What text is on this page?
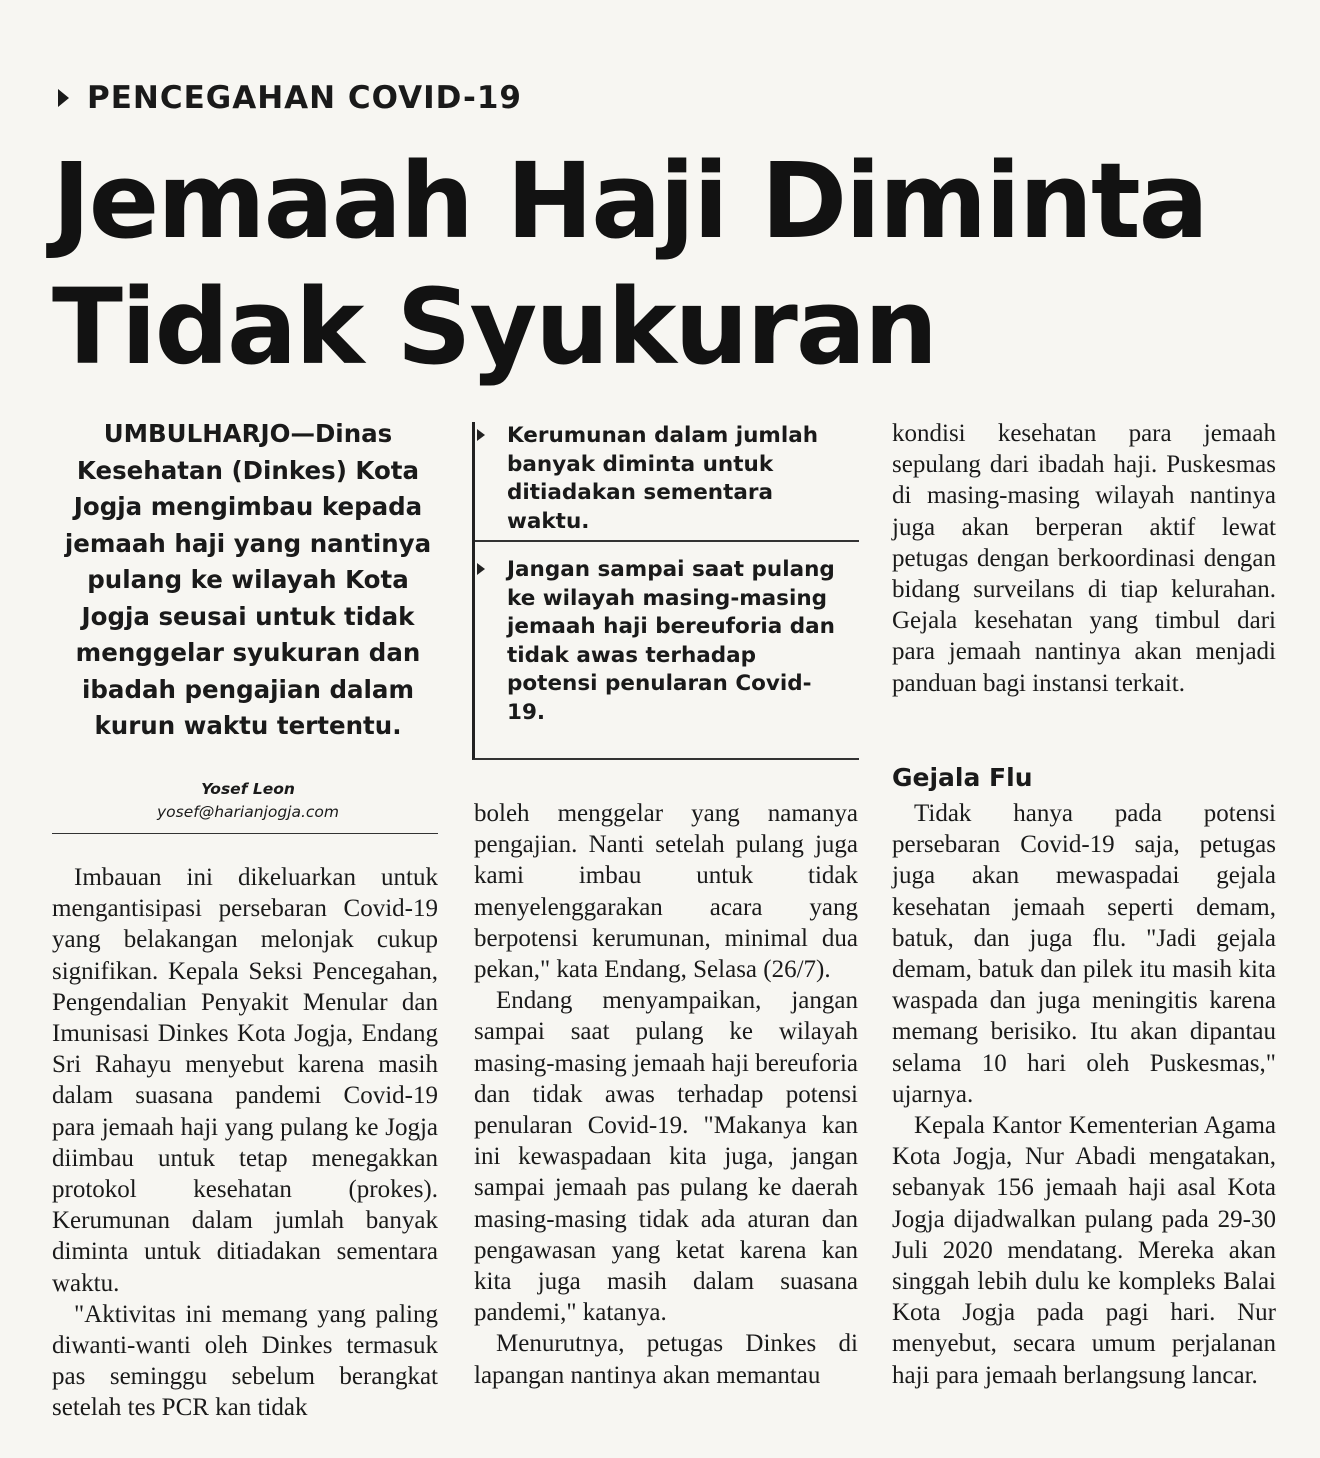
PENCEGAHAN COVID-19
Jemaah Haji Diminta
Tidak Syukuran
UMBULHARJO—Dinas
Kesehatan (Dinkes) Kota
Jogja mengimbau kepada
jemaah haji yang nantinya
pulang ke wilayah Kota
Jogja seusai untuk tidak
menggelar syukuran dan
ibadah pengajian dalam
kurun waktu tertentu.
Yosef Leon
yosef@harianjogja.com
Kerumunan dalam jumlah banyak diminta untuk ditiadakan sementara waktu.
Jangan sampai saat pulang ke wilayah masing-masing jemaah haji bereuforia dan tidak awas terhadap potensi penularan Covid-19.

Imbauan ini dikeluarkan untuk mengantisipasi persebaran Covid-19 yang belakangan melonjak cukup signifikan. Kepala Seksi Pencegahan, Pengendalian Penyakit Menular dan Imunisasi Dinkes Kota Jogja, Endang Sri Rahayu menyebut karena masih dalam suasana pandemi Covid-19 para jemaah haji yang pulang ke Jogja diimbau untuk tetap menegakkan protokol kesehatan (prokes). Kerumunan dalam jumlah banyak diminta untuk ditiadakan sementara waktu.

"Aktivitas ini memang yang paling diwanti-wanti oleh Dinkes termasuk pas seminggu sebelum berangkat setelah tes PCR kan tidak

boleh menggelar yang namanya pengajian. Nanti setelah pulang juga kami imbau untuk tidak menyelenggarakan acara yang berpotensi kerumunan, minimal dua pekan," kata Endang, Selasa (26/7).

Endang menyampaikan, jangan sampai saat pulang ke wilayah masing-masing jemaah haji bereuforia dan tidak awas terhadap potensi penularan Covid-19. "Makanya kan ini kewaspadaan kita juga, jangan sampai jemaah pas pulang ke daerah masing-masing tidak ada aturan dan pengawasan yang ketat karena kan kita juga masih dalam suasana pandemi," katanya.

Menurutnya, petugas Dinkes di lapangan nantinya akan memantau

kondisi kesehatan para jemaah sepulang dari ibadah haji. Puskesmas di masing-masing wilayah nantinya juga akan berperan aktif lewat petugas dengan berkoordinasi dengan bidang surveilans di tiap kelurahan. Gejala kesehatan yang timbul dari para jemaah nantinya akan menjadi panduan bagi instansi terkait.

Gejala Flu

Tidak hanya pada potensi persebaran Covid-19 saja, petugas juga akan mewaspadai gejala kesehatan jemaah seperti demam, batuk, dan juga flu. "Jadi gejala demam, batuk dan pilek itu masih kita waspada dan juga meningitis karena memang berisiko. Itu akan dipantau selama 10 hari oleh Puskesmas," ujarnya.

Kepala Kantor Kementerian Agama Kota Jogja, Nur Abadi mengatakan, sebanyak 156 jemaah haji asal Kota Jogja dijadwalkan pulang pada 29-30 Juli 2020 mendatang. Mereka akan singgah lebih dulu ke kompleks Balai Kota Jogja pada pagi hari. Nur menyebut, secara umum perjalanan haji para jemaah berlangsung lancar.
